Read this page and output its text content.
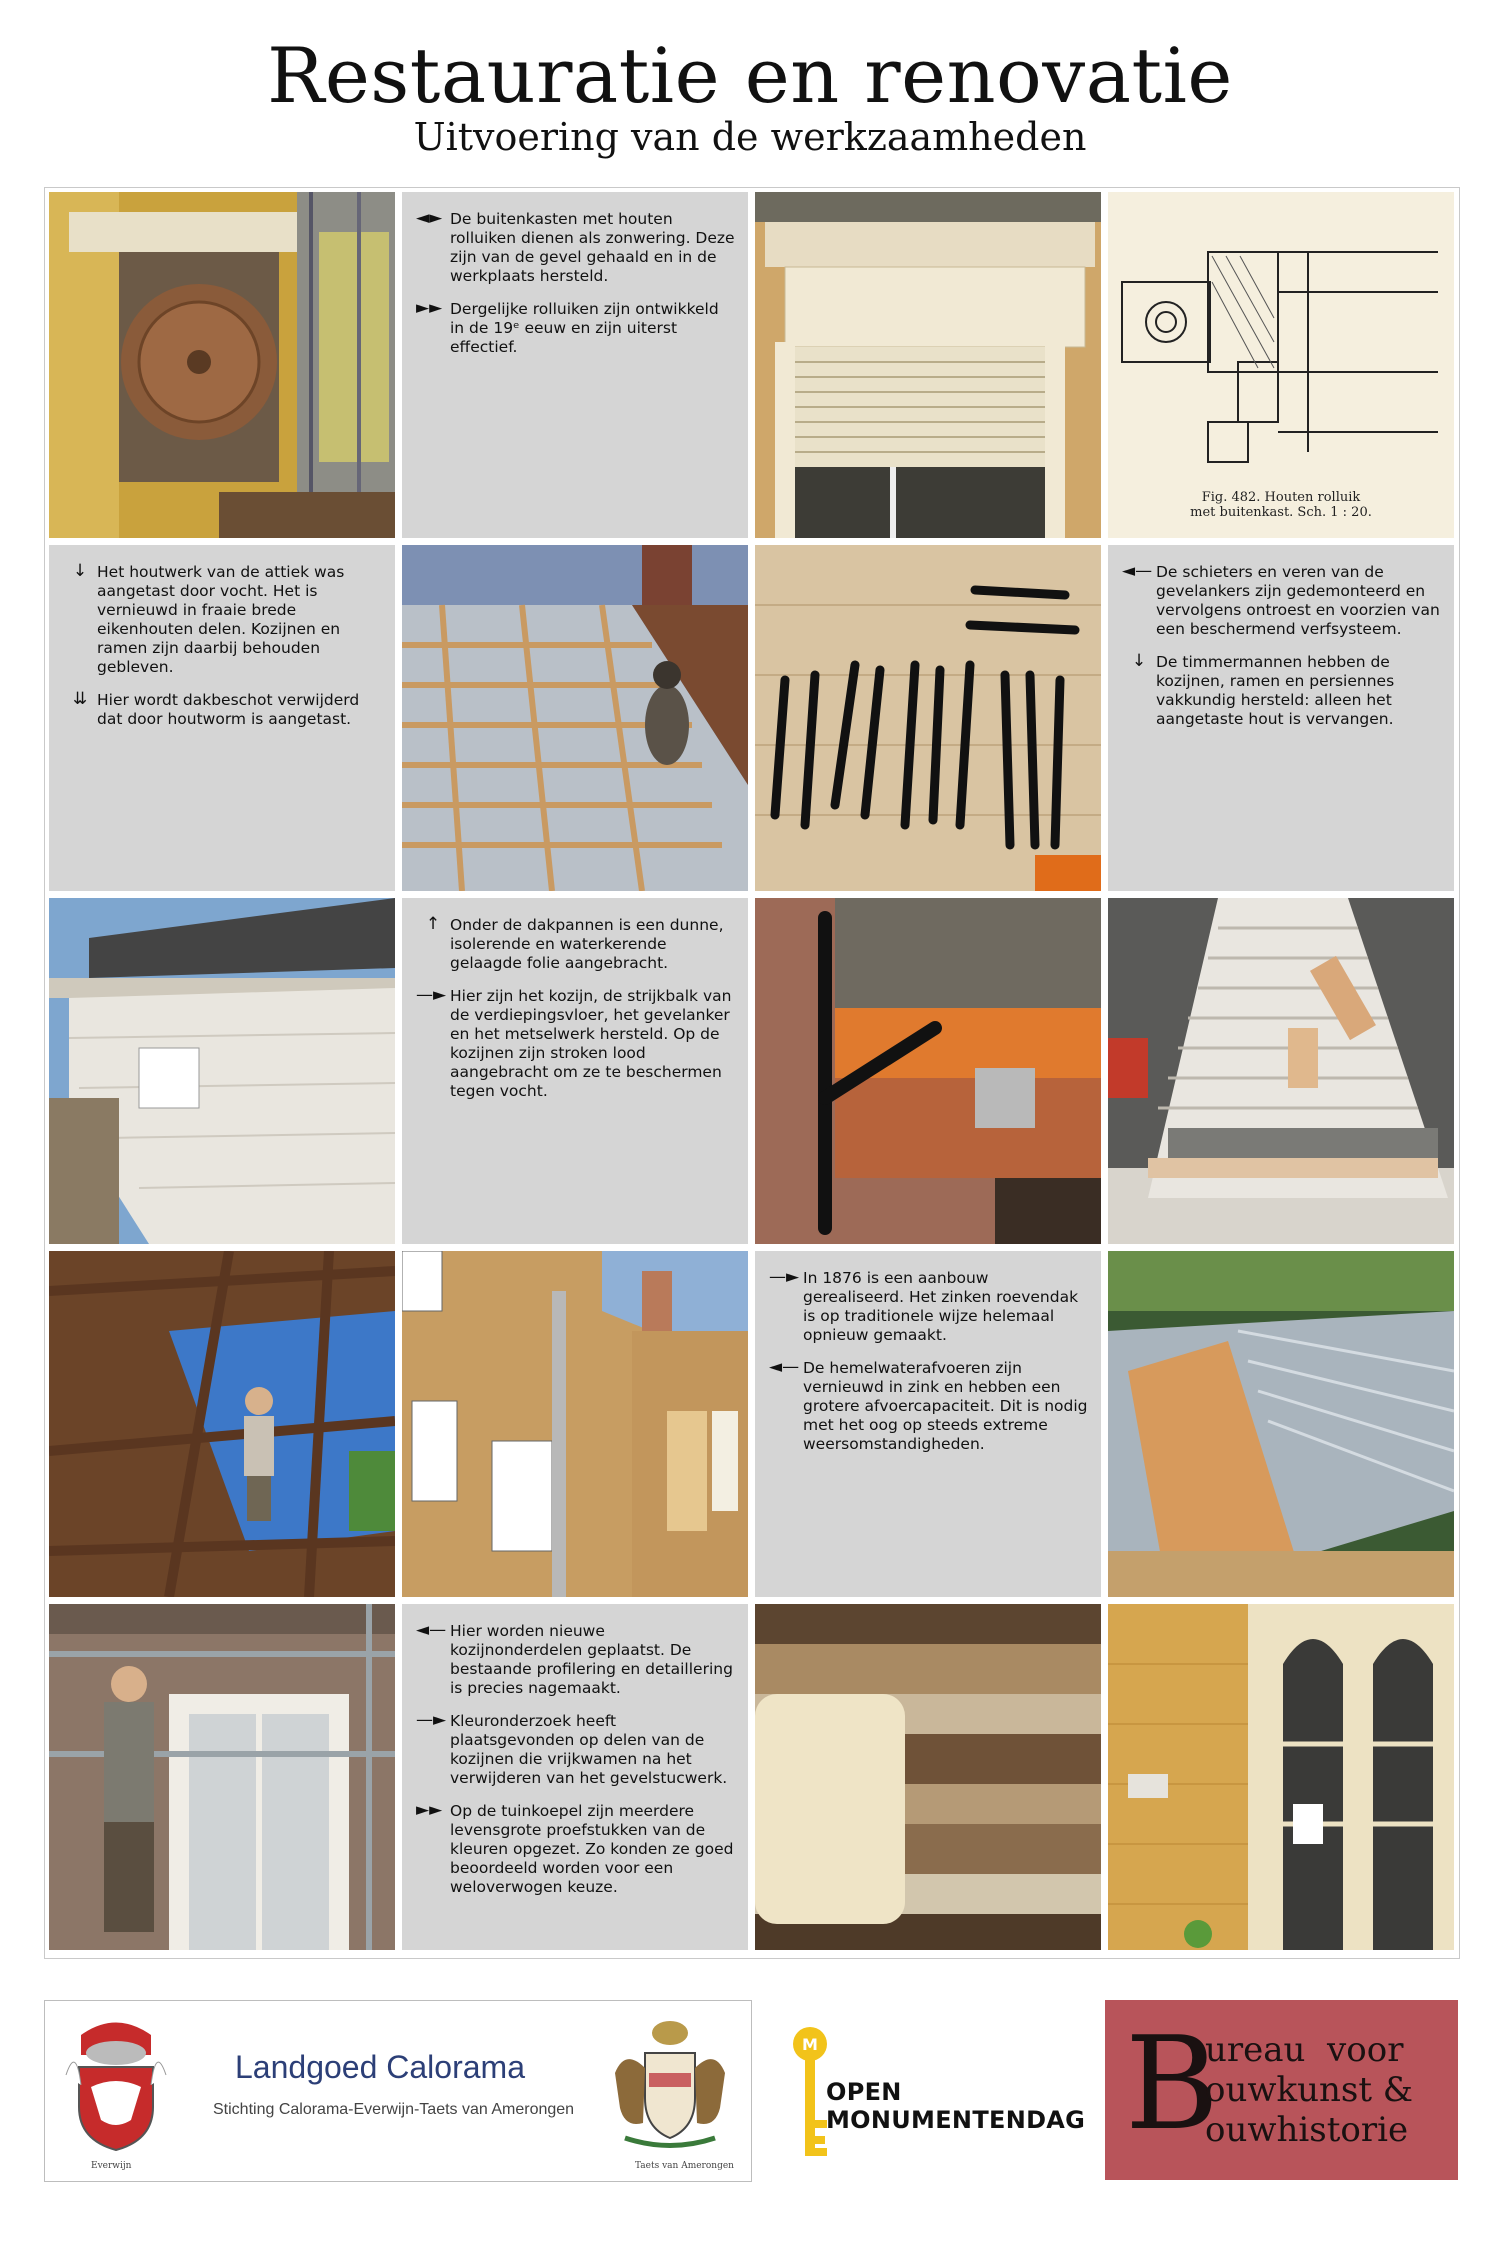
Restauratie en renovatie
Uitvoering van de werkzaamheden
◄► De buitenkasten met houten rolluiken dienen als zonwering. Deze zijn van de gevel gehaald en in de werkplaats hersteld.
►► Dergelijke rolluiken zijn ontwikkeld in de 19ᵉ eeuw en zijn uiterst effectief.
Fig. 482. Houten rolluik
met buitenkast. Sch. 1 : 20.
↓ Het houtwerk van de attiek was aangetast door vocht. Het is vernieuwd in fraaie brede eikenhouten delen. Kozijnen en ramen zijn daarbij behouden gebleven.
⇊ Hier wordt dakbeschot verwijderd dat door houtworm is aangetast.
◄— De schieters en veren van de gevelankers zijn gedemonteerd en vervolgens ontroest en voorzien van een beschermend verfsysteem.
↓ De timmermannen hebben de kozijnen, ramen en persiennes vakkundig hersteld: alleen het aangetaste hout is vervangen.
↑ Onder de dakpannen is een dunne, isolerende en waterkerende gelaagde folie aangebracht.
—► Hier zijn het kozijn, de strijkbalk van de verdiepingsvloer, het gevelanker en het metselwerk hersteld. Op de kozijnen zijn stroken lood aangebracht om ze te beschermen tegen vocht.
—► In 1876 is een aanbouw gerealiseerd. Het zinken roevendak is op traditionele wijze helemaal opnieuw gemaakt.
◄— De hemelwaterafvoeren zijn vernieuwd in zink en hebben een grotere afvoercapaciteit. Dit is nodig met het oog op steeds extreme weersomstandigheden.
◄— Hier worden nieuwe kozijnonderdelen geplaatst. De bestaande profilering en detaillering is precies nagemaakt.
—► Kleuronderzoek heeft plaatsgevonden op delen van de kozijnen die vrijkwamen na het verwijderen van het gevelstucwerk.
►► Op de tuinkoepel zijn meerdere levensgrote proefstukken van de kleuren opgezet. Zo konden ze goed beoordeeld worden voor een weloverwogen keuze.
Everwijn
Landgoed Calorama
Stichting Calorama-Everwijn-Taets van Amerongen
Taets van Amerongen
M
OPEN
MONUMENTENDAG B
ureau  voor
ouwkunst &
ouwhistorie
